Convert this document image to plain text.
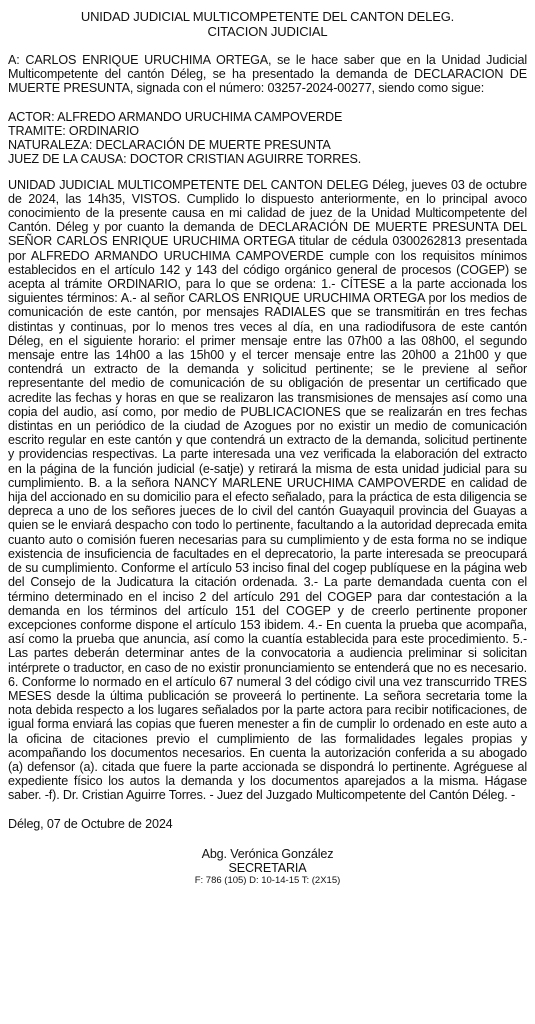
UNIDAD JUDICIAL MULTICOMPETENTE DEL CANTON DELEG.
CITACION JUDICIAL

A: CARLOS ENRIQUE URUCHIMA ORTEGA, se le hace saber que en la Unidad Judicial Multicompetente del cantón Déleg, se ha presentado la demanda de DECLARACION DE MUERTE PRESUNTA, signada con el número: 03257-2024-00277, siendo como sigue:

ACTOR: ALFREDO ARMANDO URUCHIMA CAMPOVERDE
TRAMITE: ORDINARIO
NATURALEZA: DECLARACIÓN DE MUERTE PRESUNTA
JUEZ DE LA CAUSA: DOCTOR CRISTIAN AGUIRRE TORRES.

UNIDAD JUDICIAL MULTICOMPETENTE DEL CANTON DELEG Déleg, jueves 03 de octubre de 2024, las 14h35, VISTOS. Cumplido lo dispuesto anteriormente, en lo principal avoco conocimiento de la presente causa en mi calidad de juez de la Unidad Multicompetente del Cantón. Déleg y por cuanto la demanda de DECLARACIÓN DE MUERTE PRESUNTA DEL SEÑOR CARLOS ENRIQUE URUCHIMA ORTEGA titular de cédula 0300262813 presentada por ALFREDO ARMANDO URUCHIMA CAMPOVERDE cumple con los requisitos mínimos establecidos en el artículo 142 y 143 del código orgánico general de procesos (COGEP) se acepta al trámite ORDINARIO, para lo que se ordena: 1.- CÍTESE a la parte accionada los siguientes términos: A.- al señor CARLOS ENRIQUE URUCHIMA ORTEGA por los medios de comunicación de este cantón, por mensajes RADIALES que se transmitirán en tres fechas distintas y continuas, por lo menos tres veces al día, en una radiodifusora de este cantón Déleg, en el siguiente horario: el primer mensaje entre las 07h00 a las 08h00, el segundo mensaje entre las 14h00 a las 15h00 y el tercer mensaje entre las 20h00 a 21h00 y que contendrá un extracto de la demanda y solicitud pertinente; se le previene al señor representante del medio de comunicación de su obligación de presentar un certificado que acredite las fechas y horas en que se realizaron las transmisiones de mensajes así como una copia del audio, así como, por medio de PUBLICACIONES que se realizarán en tres fechas distintas en un periódico de la ciudad de Azogues por no existir un medio de comunicación escrito regular en este cantón y que contendrá un extracto de la demanda, solicitud pertinente y providencias respectivas. La parte interesada una vez verificada la elaboración del extracto en la página de la función judicial (e-satje) y retirará la misma de esta unidad judicial para su cumplimiento. B. a la señora NANCY MARLENE URUCHIMA CAMPOVERDE en calidad de hija del accionado en su domicilio para el efecto señalado, para la práctica de esta diligencia se depreca a uno de los señores jueces de lo civil del cantón Guayaquil provincia del Guayas a quien se le enviará despacho con todo lo pertinente, facultando a la autoridad deprecada emita cuanto auto o comisión fueren necesarias para su cumplimiento y de esta forma no se indique existencia de insuficiencia de facultades en el deprecatorio, la parte interesada se preocupará de su cumplimiento. Conforme el artículo 53 inciso final del cogep publíquese en la página web del Consejo de la Judicatura la citación ordenada. 3.- La parte demandada cuenta con el término determinado en el inciso 2 del artículo 291 del COGEP para dar contestación a la demanda en los términos del artículo 151 del COGEP y de creerlo pertinente proponer excepciones conforme dispone el artículo 153 ibidem. 4.- En cuenta la prueba que acompaña, así como la prueba que anuncia, así como la cuantía establecida para este procedimiento. 5.- Las partes deberán determinar antes de la convocatoria a audiencia preliminar si solicitan intérprete o traductor, en caso de no existir pronunciamiento se entenderá que no es necesario. 6. Conforme lo normado en el artículo 67 numeral 3 del código civil una vez transcurrido TRES MESES desde la última publicación se proveerá lo pertinente. La señora secretaria tome la nota debida respecto a los lugares señalados por la parte actora para recibir notificaciones, de igual forma enviará las copias que fueren menester a fin de cumplir lo ordenado en este auto a la oficina de citaciones previo el cumplimiento de las formalidades legales propias y acompañando los documentos necesarios. En cuenta la autorización conferida a su abogado (a) defensor (a). citada que fuere la parte accionada se dispondrá lo pertinente. Agréguese al expediente físico los autos la demanda y los documentos aparejados a la misma. Hágase saber. -f). Dr. Cristian Aguirre Torres. - Juez del Juzgado Multicompetente del Cantón Déleg. -

Déleg, 07 de Octubre de 2024
Abg. Verónica González
SECRETARIA
F: 786 (105) D: 10-14-15 T: (2X15)
